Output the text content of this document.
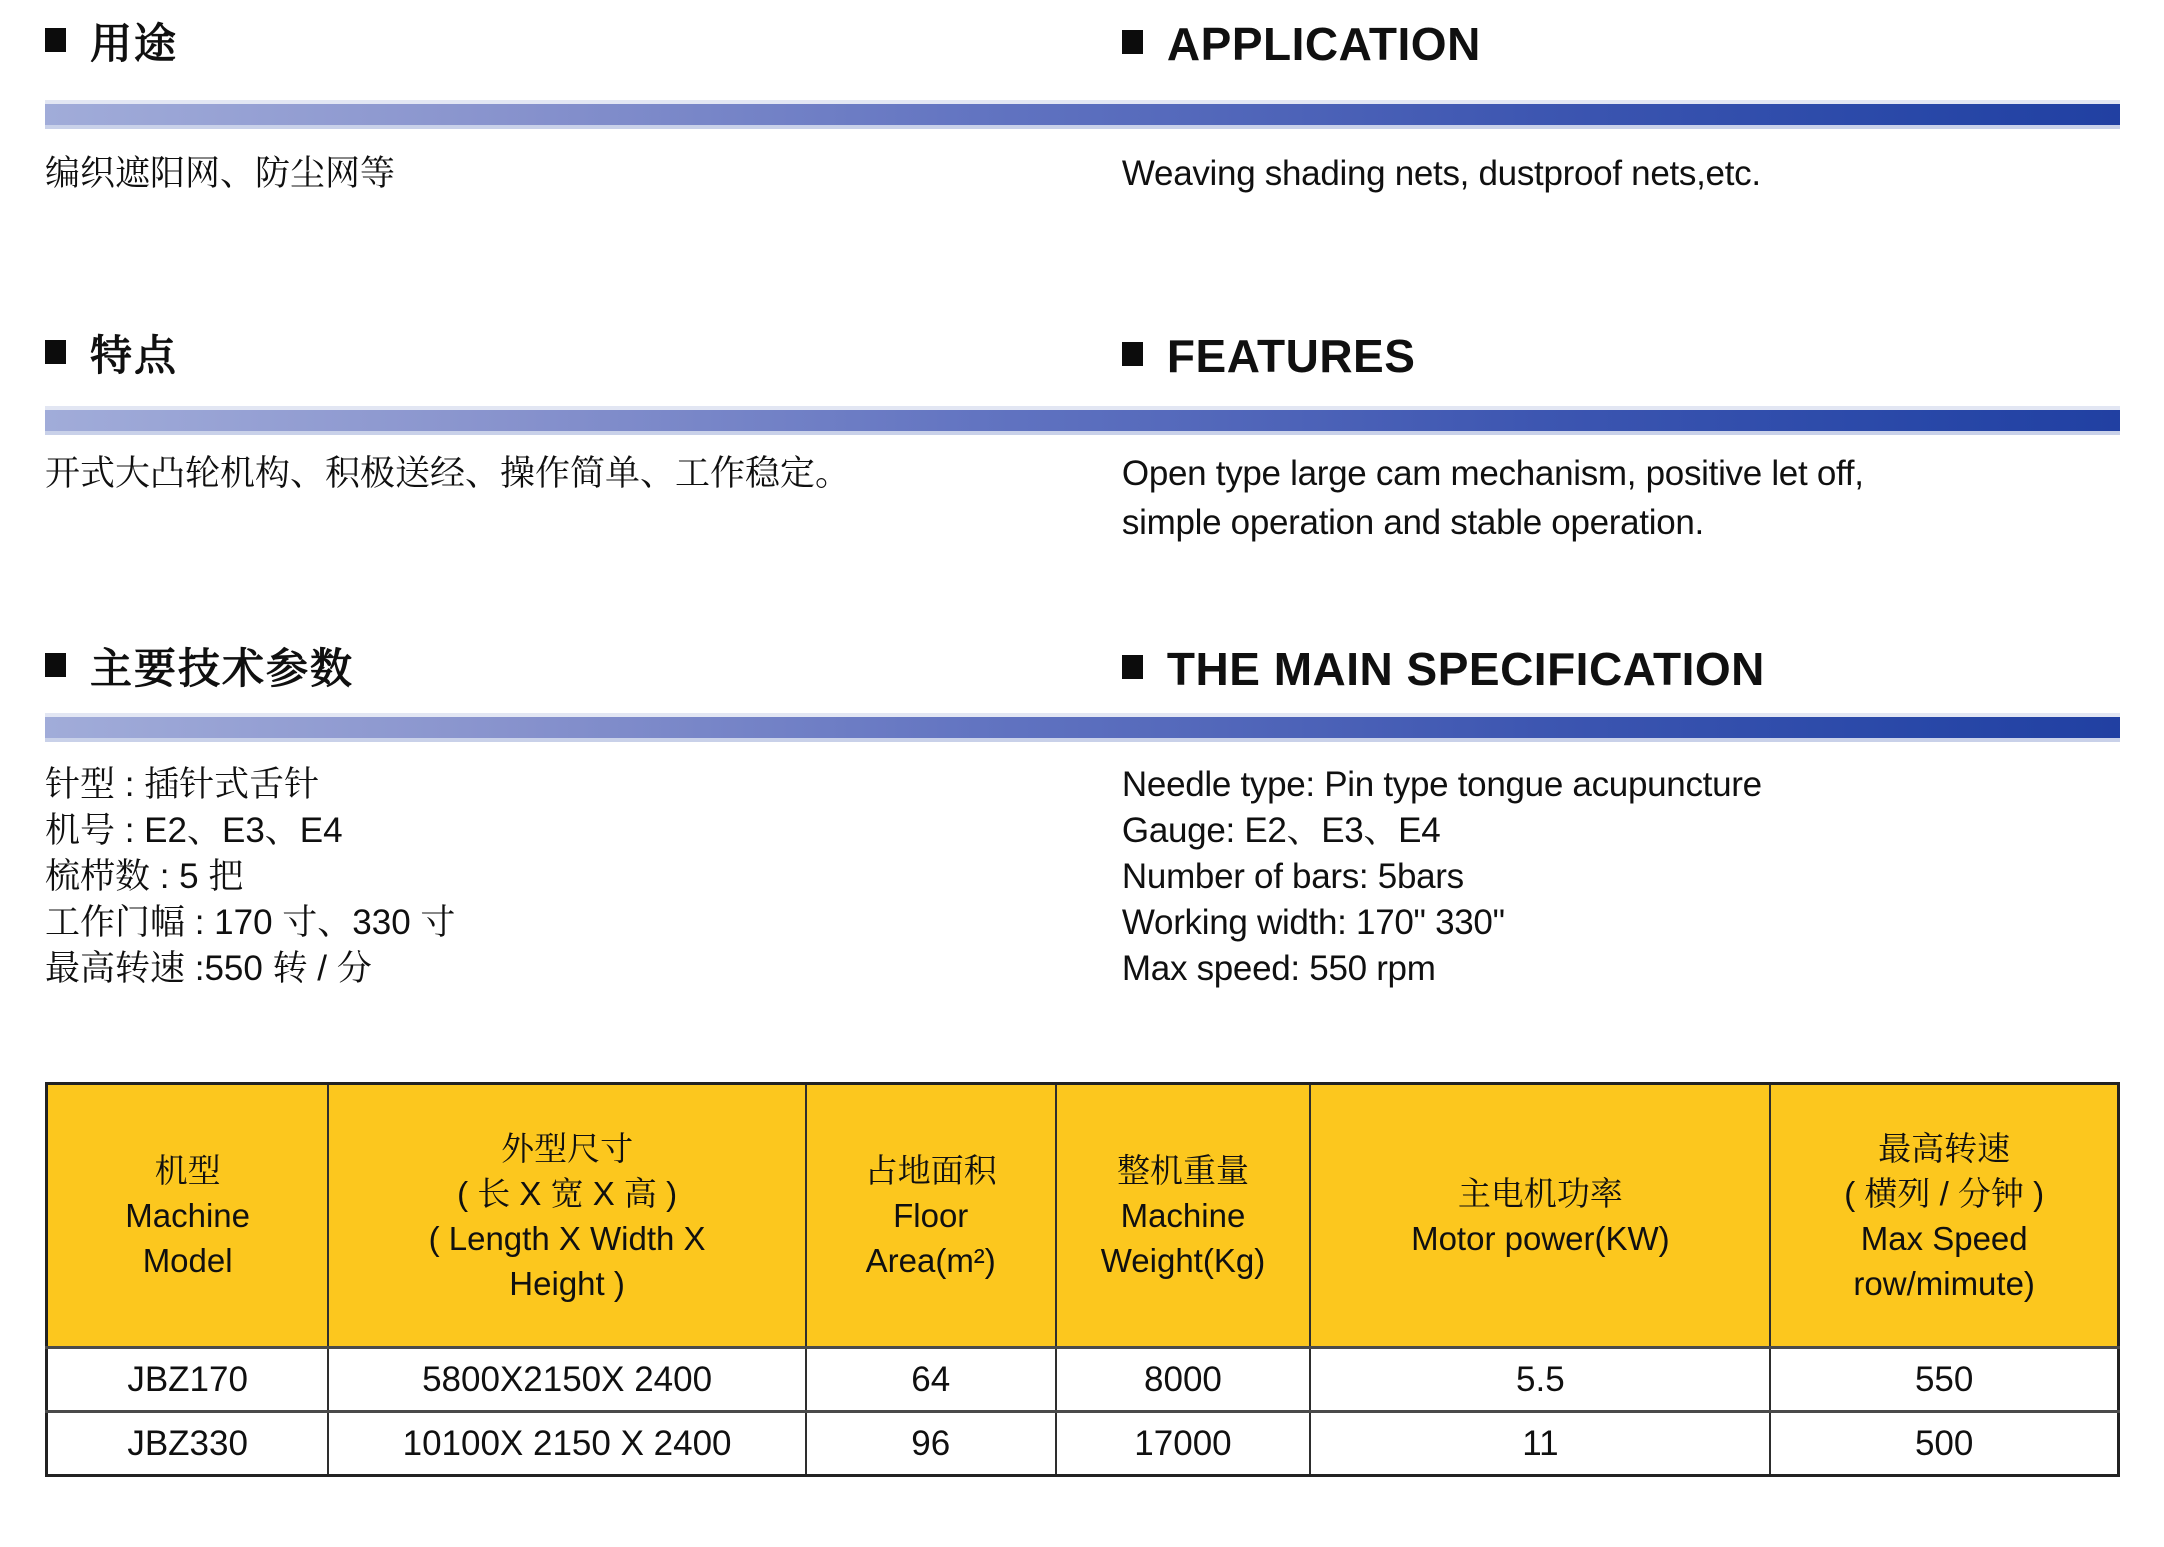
用途	APPLICATION
编织遮阳网、防尘网等	Weaving shading nets, dustproof nets,etc.
特点	FEATURES
开式大凸轮机构、积极送经、操作简单、工作稳定。	Open type large cam mechanism, positive let off,
simple operation and stable operation.
主要技术参数	THE MAIN SPECIFICATION
针型 : 插针式舌针
机号 : E2、E3、E4
梳栉数 : 5 把
工作门幅 : 170 寸、330 寸
最高转速 :550 转 / 分
Needle type: Pin type tongue acupuncture
Gauge: E2、E3、E4
Number of bars: 5bars
Working width: 170" 330"
Max speed: 550 rpm
机型
Machine
Model	外型尺寸
( 长 X 宽 X 高 )
( Length X Width X
Height )	占地面积
Floor
Area(m²)	整机重量
Machine
Weight(Kg)	主电机功率
Motor power(KW)	最高转速
( 横列 / 分钟 )
Max Speed
row/mimute)

JBZ170	5800X2150X 2400	64	8000	5.5	550
JBZ330	10100X 2150 X 2400	96	17000	11	500
